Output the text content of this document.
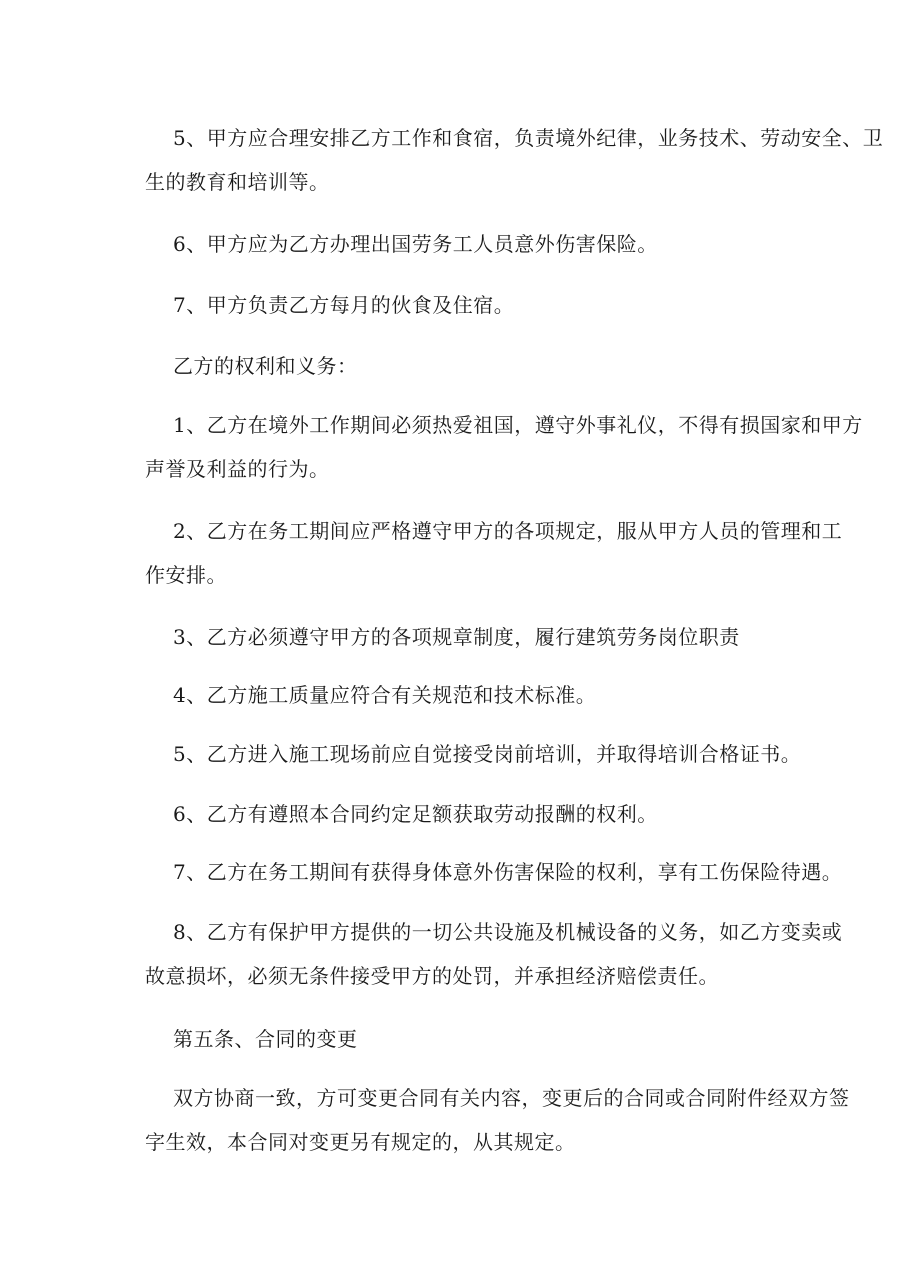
5、甲方应合理安排乙方工作和食宿，负责境外纪律，业务技术、劳动安全、卫
生的教育和培训等。
6、甲方应为乙方办理出国劳务工人员意外伤害保险。
7、甲方负责乙方每月的伙食及住宿。
乙方的权利和义务：
1、乙方在境外工作期间必须热爱祖国，遵守外事礼仪，不得有损国家和甲方
声誉及利益的行为。
2、乙方在务工期间应严格遵守甲方的各项规定，服从甲方人员的管理和工
作安排。
3、乙方必须遵守甲方的各项规章制度，履行建筑劳务岗位职责
4、乙方施工质量应符合有关规范和技术标准。
5、乙方进入施工现场前应自觉接受岗前培训，并取得培训合格证书。
6、乙方有遵照本合同约定足额获取劳动报酬的权利。
7、乙方在务工期间有获得身体意外伤害保险的权利，享有工伤保险待遇。
8、乙方有保护甲方提供的一切公共设施及机械设备的义务，如乙方变卖或
故意损坏，必须无条件接受甲方的处罚，并承担经济赔偿责任。
第五条、合同的变更
双方协商一致，方可变更合同有关内容，变更后的合同或合同附件经双方签
字生效，本合同对变更另有规定的，从其规定。
